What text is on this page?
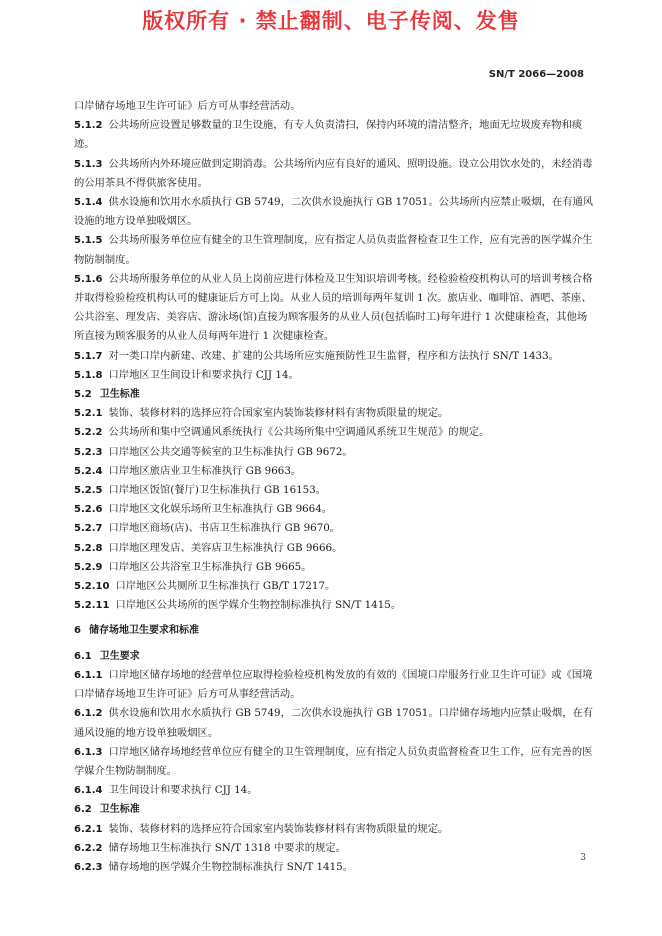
版权所有 · 禁止翻制、电子传阅、发售
SN/T 2066—2008

口岸储存场地卫生许可证》后方可从事经营活动。

5.1.2 公共场所应设置足够数量的卫生设施，有专人负责清扫，保持内环境的清洁整齐，地面无垃圾废弃物和痰迹。

5.1.3 公共场所内外环境应做到定期消毒。公共场所内应有良好的通风、照明设施。设立公用饮水处的，未经消毒的公用茶具不得供旅客使用。

5.1.4 供水设施和饮用水水质执行 GB 5749，二次供水设施执行 GB 17051。公共场所内应禁止吸烟，在有通风设施的地方设单独吸烟区。

5.1.5 公共场所服务单位应有健全的卫生管理制度，应有指定人员负责监督检查卫生工作，应有完善的医学媒介生物防制制度。

5.1.6 公共场所服务单位的从业人员上岗前应进行体检及卫生知识培训考核。经检验检疫机构认可的培训考核合格并取得检验检疫机构认可的健康证后方可上岗。从业人员的培训每两年复训 1 次。旅店业、咖啡馆、酒吧、茶座、公共浴室、理发店、美容店、游泳场(馆)直接为顾客服务的从业人员(包括临时工)每年进行 1 次健康检查，其他场所直接为顾客服务的从业人员每两年进行 1 次健康检查。

5.1.7 对一类口岸内新建、改建、扩建的公共场所应实施预防性卫生监督，程序和方法执行 SN/T 1433。

5.1.8 口岸地区卫生间设计和要求执行 CJJ 14。

5.2 卫生标准

5.2.1 装饰、装修材料的选择应符合国家室内装饰装修材料有害物质限量的规定。

5.2.2 公共场所和集中空调通风系统执行《公共场所集中空调通风系统卫生规范》的规定。

5.2.3 口岸地区公共交通等候室的卫生标准执行 GB 9672。

5.2.4 口岸地区旅店业卫生标准执行 GB 9663。

5.2.5 口岸地区饭馆(餐厅)卫生标准执行 GB 16153。

5.2.6 口岸地区文化娱乐场所卫生标准执行 GB 9664。

5.2.7 口岸地区商场(店)、书店卫生标准执行 GB 9670。

5.2.8 口岸地区理发店、美容店卫生标准执行 GB 9666。

5.2.9 口岸地区公共浴室卫生标准执行 GB 9665。

5.2.10 口岸地区公共厕所卫生标准执行 GB/T 17217。

5.2.11 口岸地区公共场所的医学媒介生物控制标准执行 SN/T 1415。

6 储存场地卫生要求和标准

6.1 卫生要求

6.1.1 口岸地区储存场地的经营单位应取得检验检疫机构发放的有效的《国境口岸服务行业卫生许可证》或《国境口岸储存场地卫生许可证》后方可从事经营活动。

6.1.2 供水设施和饮用水水质执行 GB 5749，二次供水设施执行 GB 17051。口岸储存场地内应禁止吸烟，在有通风设施的地方设单独吸烟区。

6.1.3 口岸地区储存场地经营单位应有健全的卫生管理制度，应有指定人员负责监督检查卫生工作，应有完善的医学媒介生物防制制度。

6.1.4 卫生间设计和要求执行 CJJ 14。

6.2 卫生标准

6.2.1 装饰、装修材料的选择应符合国家室内装饰装修材料有害物质限量的规定。

6.2.2 储存场地卫生标准执行 SN/T 1318 中要求的规定。

6.2.3 储存场地的医学媒介生物控制标准执行 SN/T 1415。

3
